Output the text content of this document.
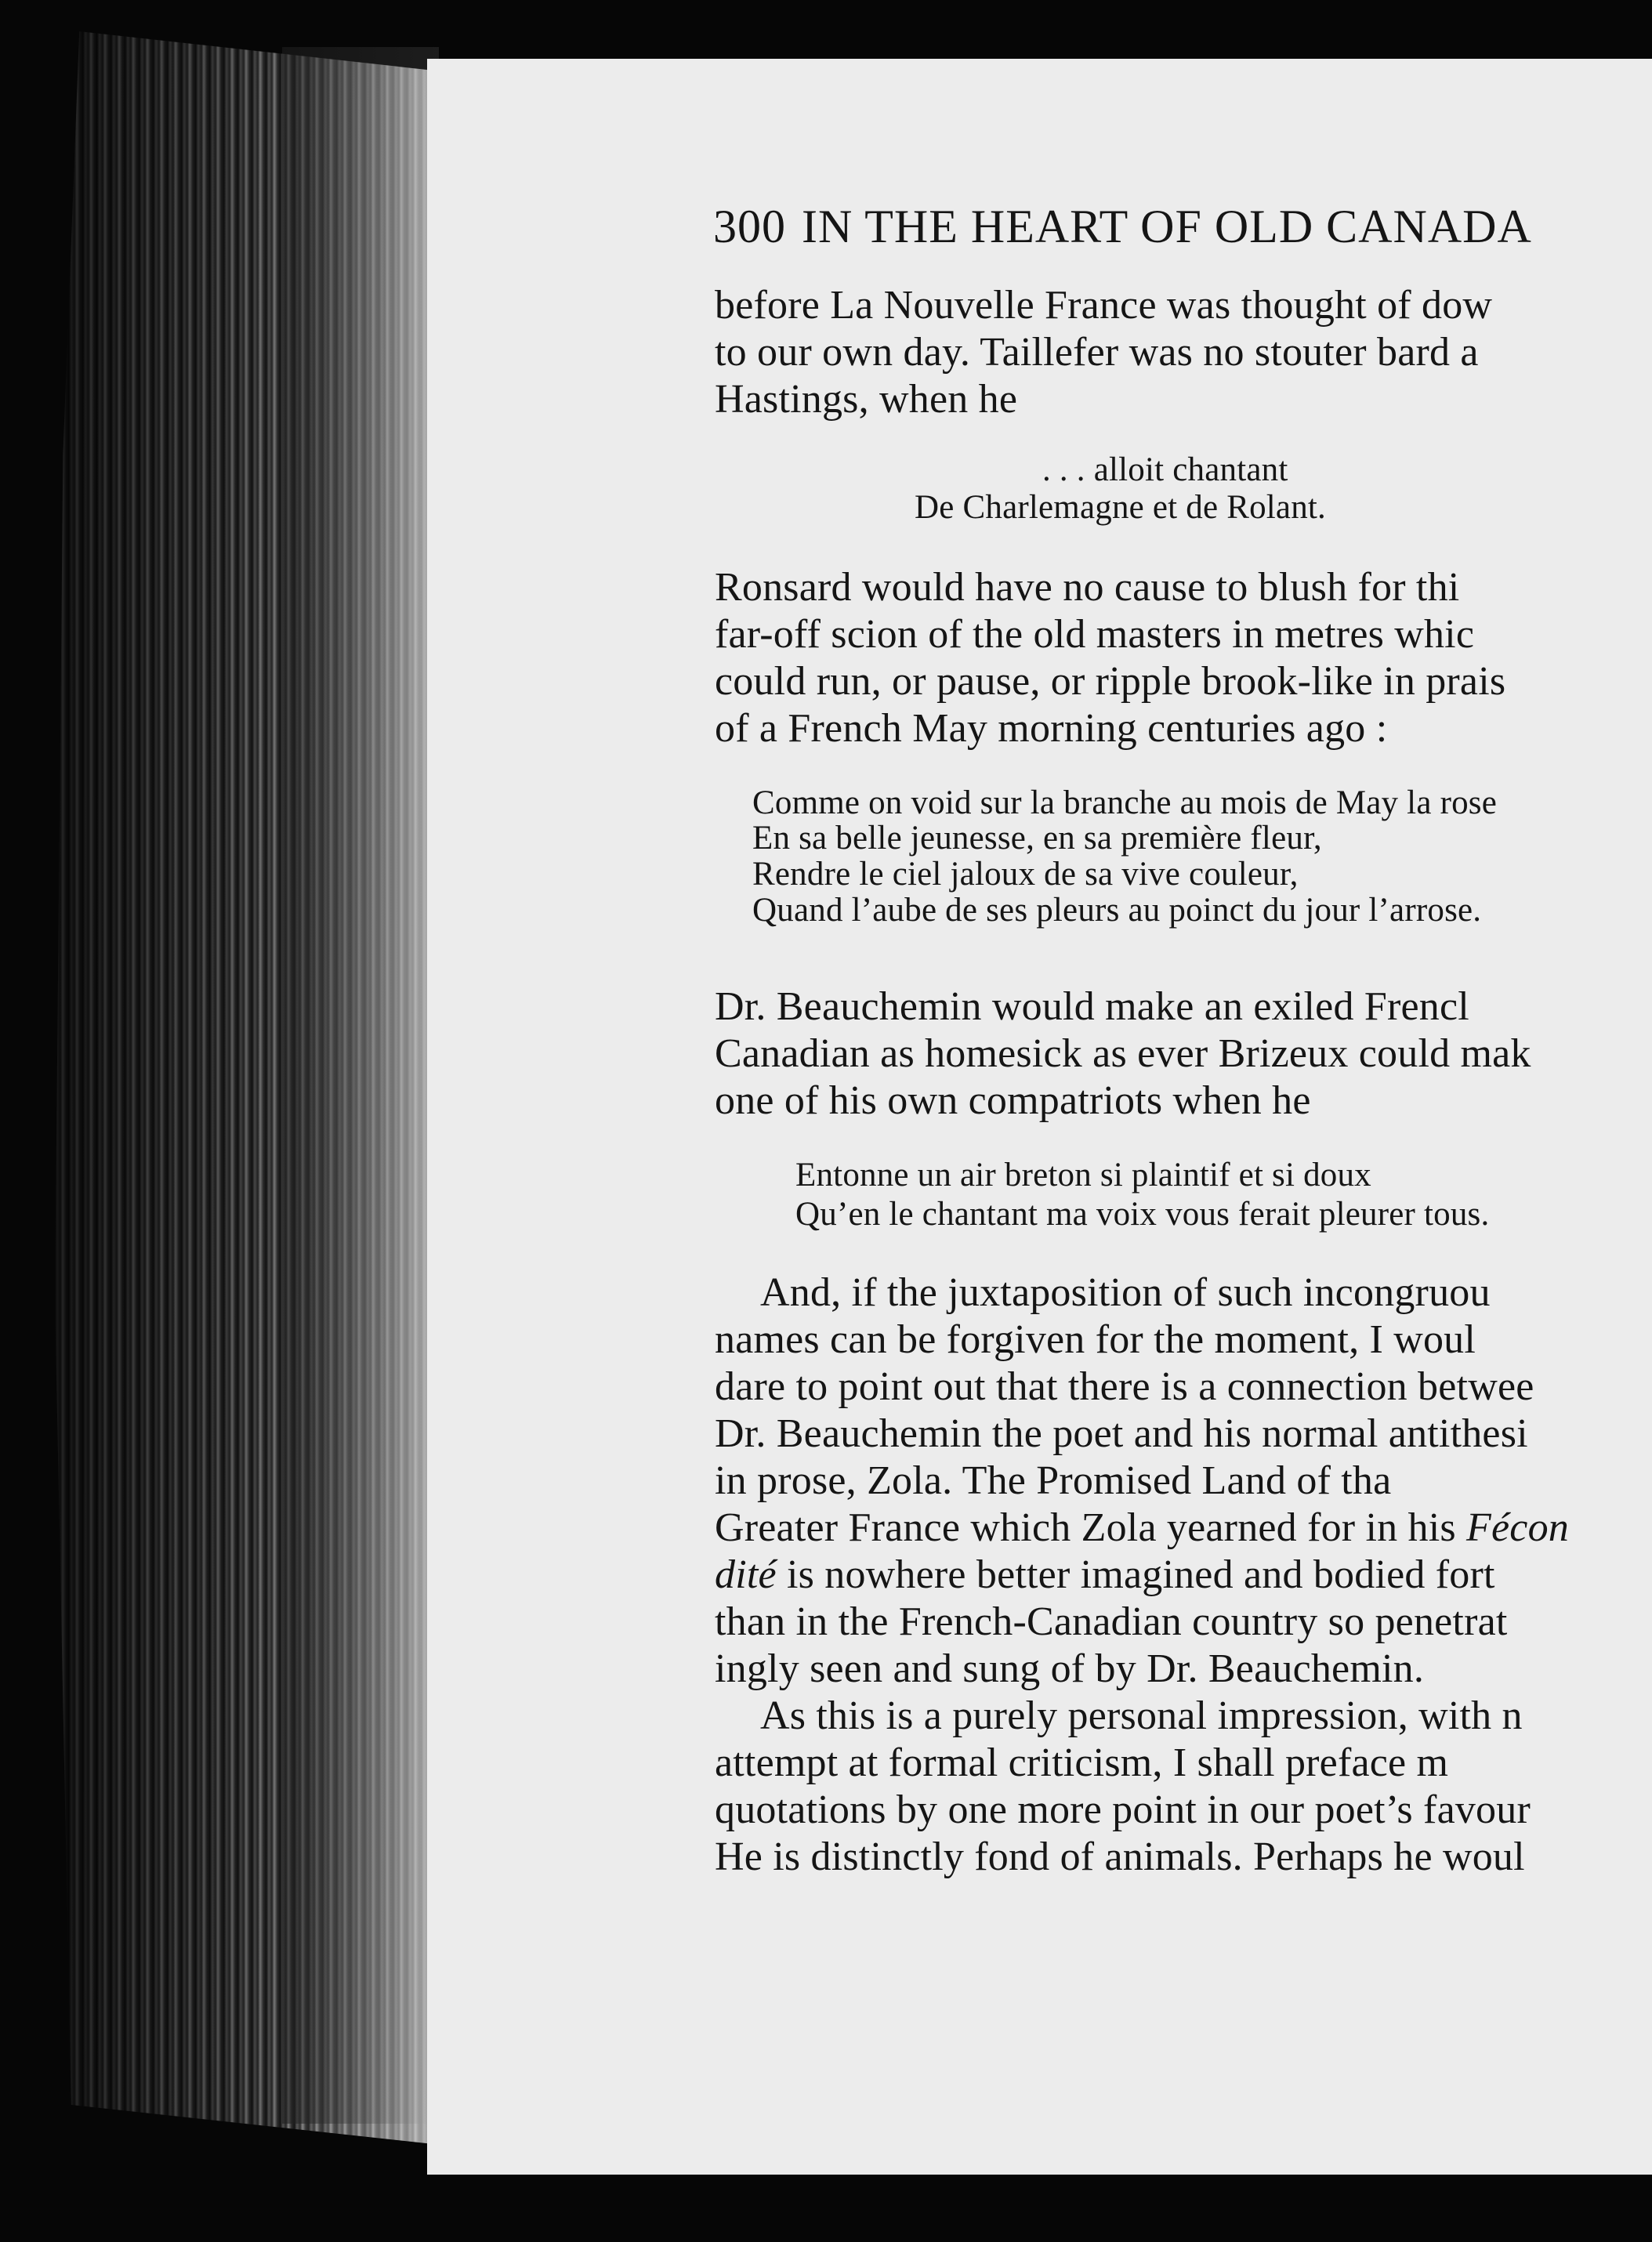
300 IN THE HEART OF OLD CANADA
before La Nouvelle France was thought of dow
to our own day. Taillefer was no stouter bard a
Hastings, when he
. . . alloit chantant
De Charlemagne et de Rolant.
Ronsard would have no cause to blush for thi
far-off scion of the old masters in metres whic
could run, or pause, or ripple brook-like in prais
of a French May morning centuries ago :
Comme on void sur la branche au mois de May la rose
En sa belle jeunesse, en sa première fleur,
Rendre le ciel jaloux de sa vive couleur,
Quand l’aube de ses pleurs au poinct du jour l’arrose.
Dr. Beauchemin would make an exiled Frencl
Canadian as homesick as ever Brizeux could mak
one of his own compatriots when he
Entonne un air breton si plaintif et si doux
Qu’en le chantant ma voix vous ferait pleurer tous.
And, if the juxtaposition of such incongruou
names can be forgiven for the moment, I woul
dare to point out that there is a connection betwee
Dr. Beauchemin the poet and his normal antithesi
in prose, Zola. The Promised Land of tha
Greater France which Zola yearned for in his Fécon
dité is nowhere better imagined and bodied fort
than in the French-Canadian country so penetrat
ingly seen and sung of by Dr. Beauchemin.
As this is a purely personal impression, with n
attempt at formal criticism, I shall preface m
quotations by one more point in our poet’s favour
He is distinctly fond of animals. Perhaps he woul
